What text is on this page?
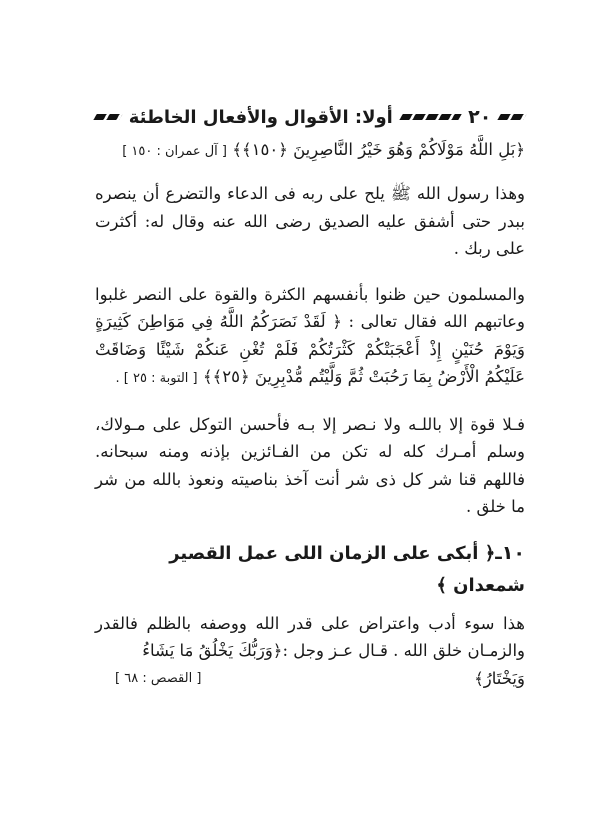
٢٠
أولا: الأقوال والأفعال الخاطئة
﴿بَلِ اللَّهُ مَوْلَاكُمْ وَهُوَ خَيْرُ النَّاصِرِينَ ﴿١٥٠﴾﴾ [ آل عمران : ١٥٠ ]

وهذا رسول الله ﷺ يلح على ربه فى الدعاء والتضرع أن ينصره ببدر حتى أشفق عليه الصديق رضى الله عنه وقال له: أكثرت على ربك .

والمسلمون حين ظنوا بأنفسهم الكثرة والقوة على النصر غلبوا وعاتبهم الله فقال تعالى : ﴿ لَقَدْ نَصَرَكُمُ اللَّهُ فِي مَوَاطِنَ كَثِيرَةٍ وَيَوْمَ حُنَيْنٍ إِذْ أَعْجَبَتْكُمْ كَثْرَتُكُمْ فَلَمْ تُغْنِ عَنكُمْ شَيْئًا وَضَاقَتْ عَلَيْكُمُ الْأَرْضُ بِمَا رَحُبَتْ ثُمَّ وَلَّيْتُم مُّدْبِرِينَ ﴿٢٥﴾﴾ [ التوبة : ٢٥ ] .

فـلا قوة إلا باللـه ولا نـصر إلا بـه فأحسن التوكل على مـولاك، وسلم أمـرك كله له تكن من الفـائزين بإذنه ومنه سبحانه. فاللهم قنا شر كل ذى شر أنت آخذ بناصيته ونعوذ بالله من شر ما خلق .

١٠ـ﴿ أبكى على الزمان اللى عمل القصير شمعدان ﴾

هذا سوء أدب واعتراض على قدر الله ووصفه بالظلم فالقدر والزمـان خلق الله . قـال عـز وجل :﴿وَرَبُّكَ يَخْلُقُ مَا يَشَاءُ

وَيَخْتَارُ﴾
[ القصص : ٦٨ ]
